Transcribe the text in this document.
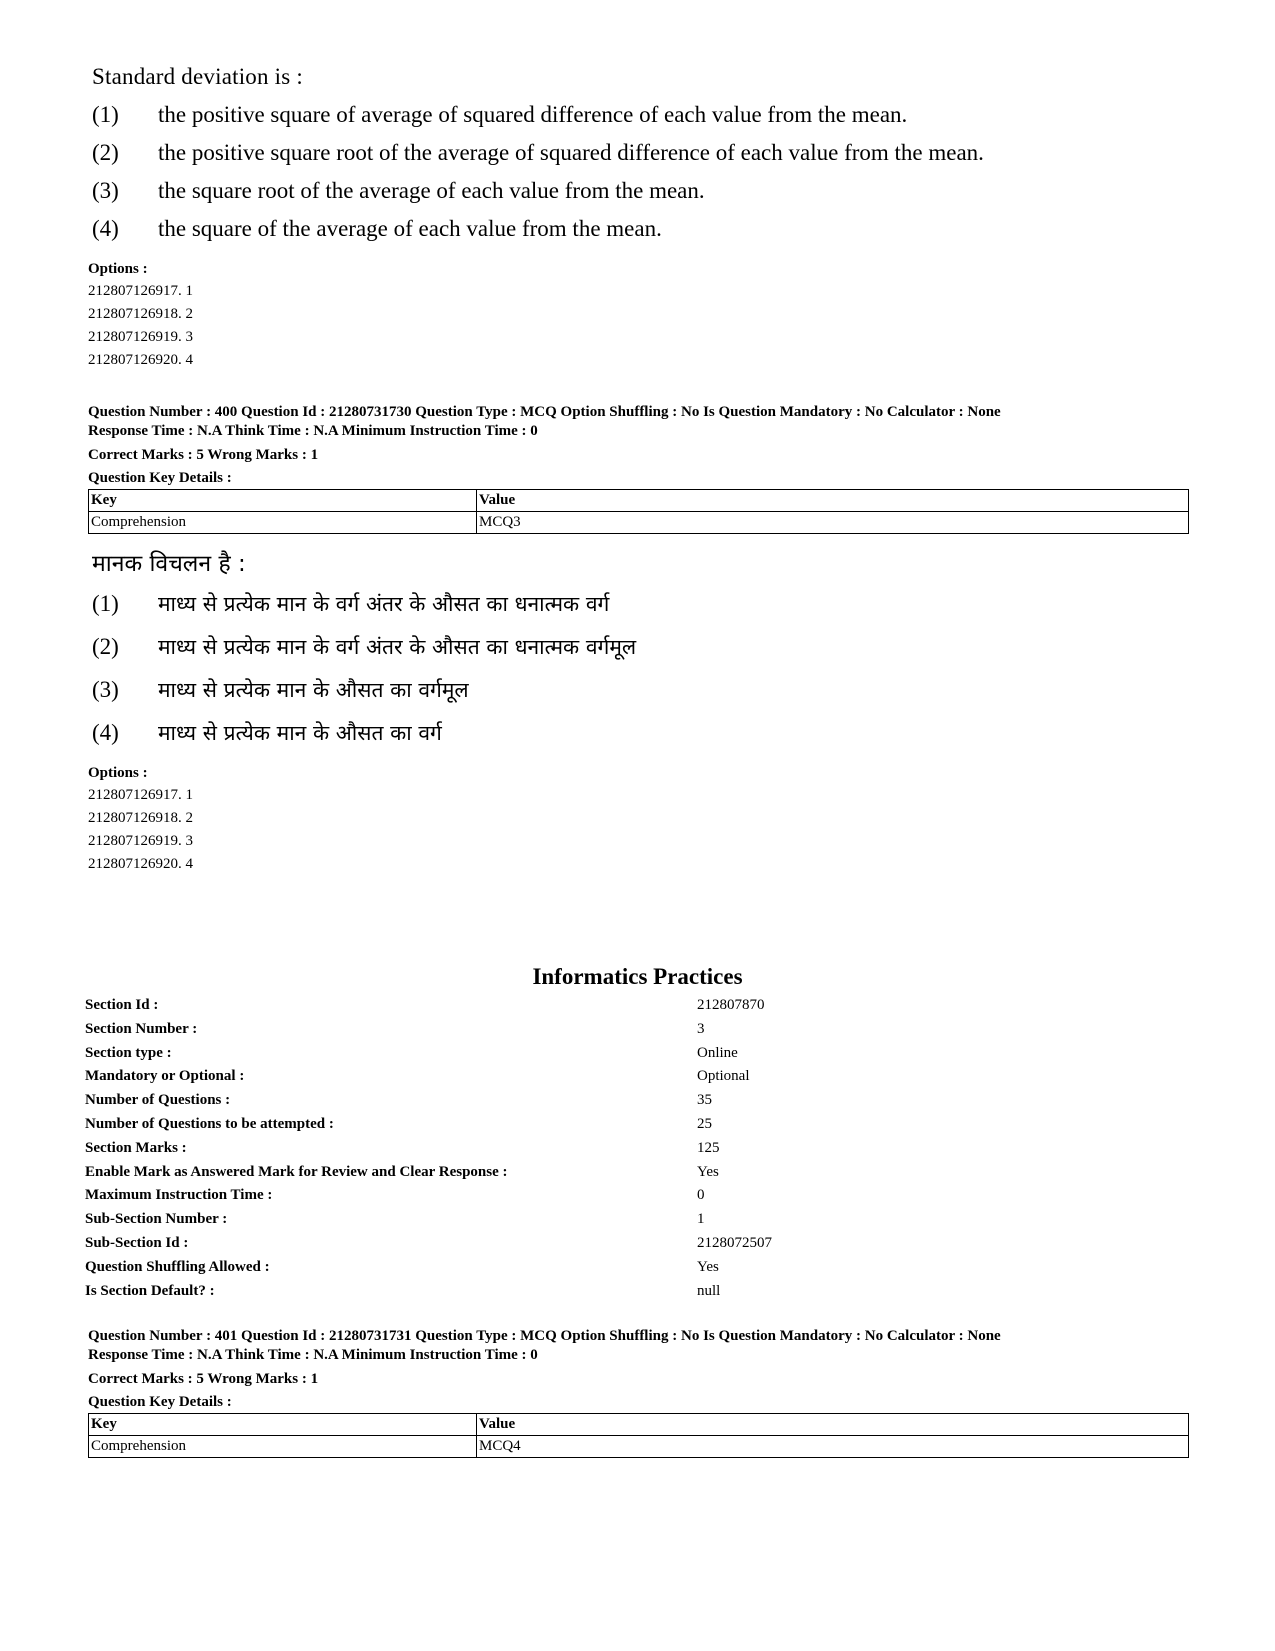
Standard deviation is :
(1) the positive square of average of squared difference of each value from the mean.
(2) the positive square root of the average of squared difference of each value from the mean.
(3) the square root of the average of each value from the mean.
(4) the square of the average of each value from the mean.
Options :
212807126917. 1
212807126918. 2
212807126919. 3
212807126920. 4
Question Number : 400 Question Id : 21280731730 Question Type : MCQ Option Shuffling : No Is Question Mandatory : No Calculator : None
Response Time : N.A Think Time : N.A Minimum Instruction Time : 0
Correct Marks : 5 Wrong Marks : 1
Question Key Details :
Key	Value
Comprehension	MCQ3
मानक विचलन है :
(1) माध्य से प्रत्येक मान के वर्ग अंतर के औसत का धनात्मक वर्ग
(2) माध्य से प्रत्येक मान के वर्ग अंतर के औसत का धनात्मक वर्गमूल
(3) माध्य से प्रत्येक मान के औसत का वर्गमूल
(4) माध्य से प्रत्येक मान के औसत का वर्ग
Options :
212807126917. 1
212807126918. 2
212807126919. 3
212807126920. 4
Informatics Practices
Section Id :	212807870
Section Number :	3
Section type :	Online
Mandatory or Optional :	Optional
Number of Questions :	35
Number of Questions to be attempted :	25
Section Marks :	125
Enable Mark as Answered Mark for Review and Clear Response :	Yes
Maximum Instruction Time :	0
Sub-Section Number :	1
Sub-Section Id :	2128072507
Question Shuffling Allowed :	Yes
Is Section Default? :	null
Question Number : 401 Question Id : 21280731731 Question Type : MCQ Option Shuffling : No Is Question Mandatory : No Calculator : None
Response Time : N.A Think Time : N.A Minimum Instruction Time : 0
Correct Marks : 5 Wrong Marks : 1
Question Key Details :
Key	Value
Comprehension	MCQ4
